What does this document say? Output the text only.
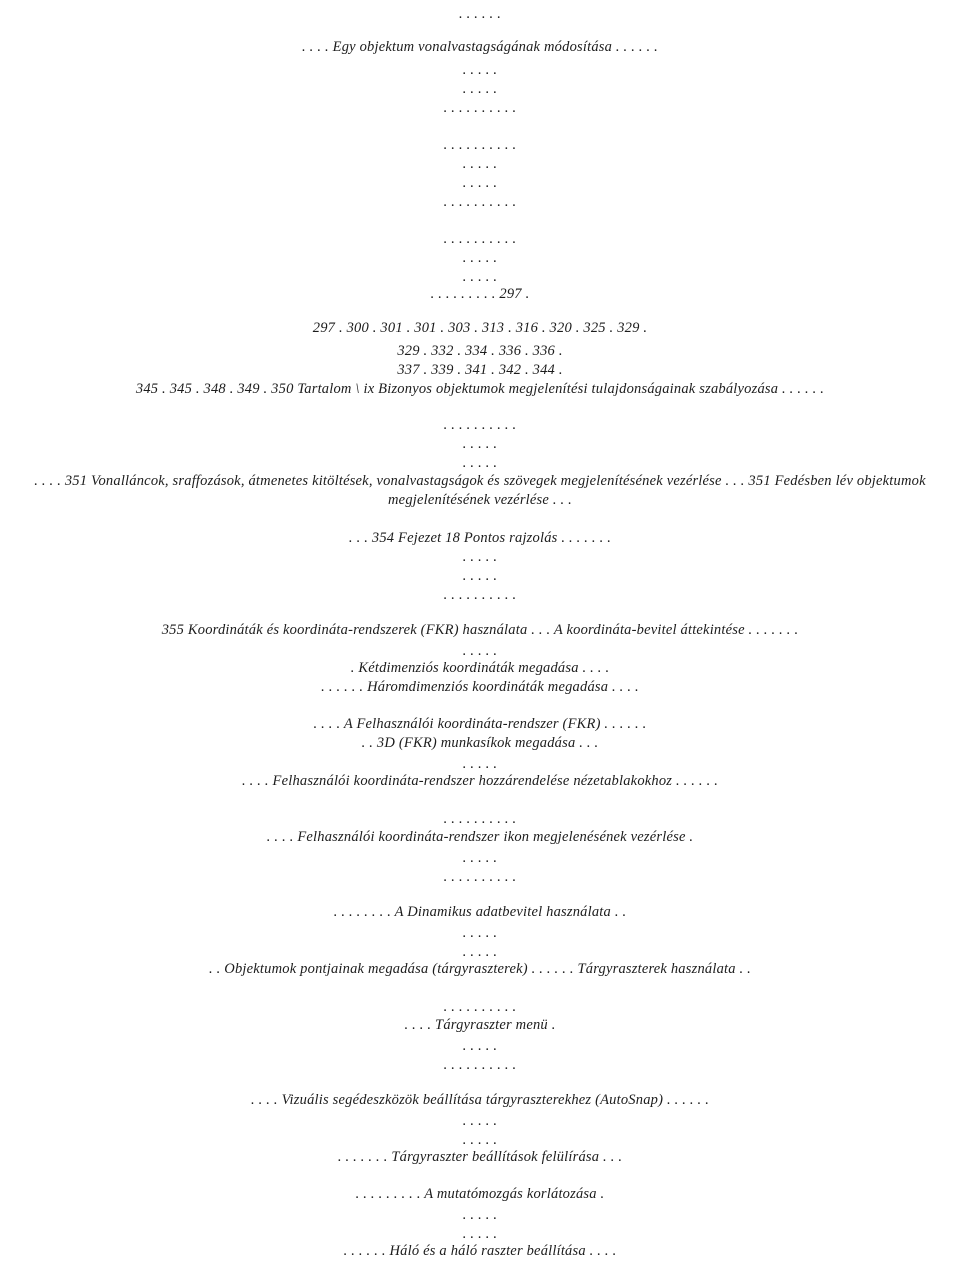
. . . . . .
. . . . Egy objektum vonalvastagságának módosítása . . . . . .
. . . . .
. . . . .
. . . . . . . . . .
. . . . . . . . . .
. . . . .
. . . . .
. . . . . . . . . .
. . . . . . . . . .
. . . . .
. . . . .
. . . . . . . . . 297 .
297 . 300 . 301 . 301 . 303 . 313 . 316 . 320 . 325 . 329 .
329 . 332 . 334 . 336 . 336 .
337 . 339 . 341 . 342 . 344 .
345 . 345 . 348 . 349 . 350 Tartalom \ ix Bizonyos objektumok megjelenítési tulajdonságainak szabályozása . . . . . .
. . . . . . . . . .
. . . . .
. . . . .
. . . . 351 Vonalláncok, sraffozások, átmenetes kitöltések, vonalvastagságok és szövegek megjelenítésének vezérlése . . . 351 Fedésben lév objektumok
megjelenítésének vezérlése . . .
. . . 354 Fejezet 18 Pontos rajzolás . . . . . . .
. . . . .
. . . . .
. . . . . . . . . .
355 Koordináták és koordináta-rendszerek (FKR) használata . . . A koordináta-bevitel áttekintése . . . . . . .
. . . . .
. Kétdimenziós koordináták megadása . . . .
. . . . . . Háromdimenziós koordináták megadása . . . .
. . . . A Felhasználói koordináta-rendszer (FKR) . . . . . .
. . 3D (FKR) munkasíkok megadása . . .
. . . . .
. . . . Felhasználói koordináta-rendszer hozzárendelése nézetablakokhoz . . . . . .
. . . . . . . . . .
. . . . Felhasználói koordináta-rendszer ikon megjelenésének vezérlése .
. . . . .
. . . . . . . . . .
. . . . . . . . A Dinamikus adatbevitel használata . .
. . . . .
. . . . .
. . Objektumok pontjainak megadása (tárgyraszterek) . . . . . . Tárgyraszterek használata . .
. . . . . . . . . .
. . . . Tárgyraszter menü .
. . . . .
. . . . . . . . . .
. . . . Vizuális segédeszközök beállítása tárgyraszterekhez (AutoSnap) . . . . . .
. . . . .
. . . . .
. . . . . . . Tárgyraszter beállítások felülírása . . .
. . . . . . . . . A mutatómozgás korlátozása .
. . . . .
. . . . .
. . . . . . Háló és a háló raszter beállítása . . . .
